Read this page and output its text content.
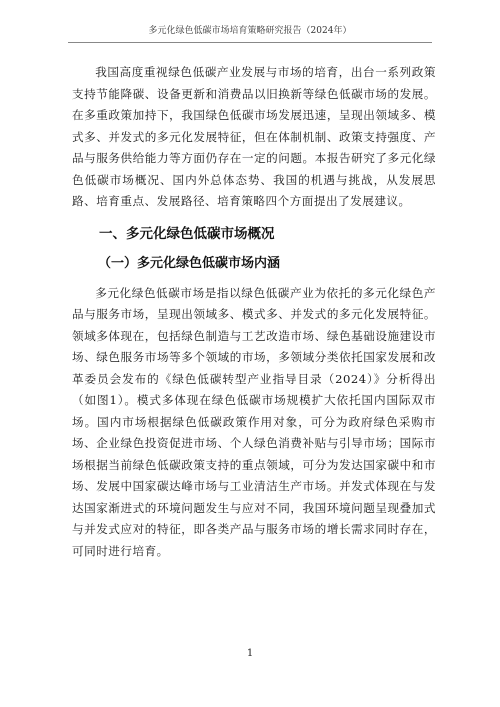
多元化绿色低碳市场培育策略研究报告（2024年）

我国高度重视绿色低碳产业发展与市场的培育，出台一系列政策支持节能降碳、设备更新和消费品以旧换新等绿色低碳市场的发展。在多重政策加持下，我国绿色低碳市场发展迅速，呈现出领域多、模式多、并发式的多元化发展特征，但在体制机制、政策支持强度、产品与服务供给能力等方面仍存在一定的问题。本报告研究了多元化绿色低碳市场概况、国内外总体态势、我国的机遇与挑战，从发展思路、培育重点、发展路径、培育策略四个方面提出了发展建议。

一、多元化绿色低碳市场概况
（一）多元化绿色低碳市场内涵

多元化绿色低碳市场是指以绿色低碳产业为依托的多元化绿色产品与服务市场，呈现出领域多、模式多、并发式的多元化发展特征。领域多体现在，包括绿色制造与工艺改造市场、绿色基础设施建设市场、绿色服务市场等多个领域的市场，多领域分类依托国家发展和改革委员会发布的《绿色低碳转型产业指导目录（2024）》分析得出（如图1）。模式多体现在绿色低碳市场规模扩大依托国内国际双市场。国内市场根据绿色低碳政策作用对象，可分为政府绿色采购市场、企业绿色投资促进市场、个人绿色消费补贴与引导市场；国际市场根据当前绿色低碳政策支持的重点领域，可分为发达国家碳中和市场、发展中国家碳达峰市场与工业清洁生产市场。并发式体现在与发达国家渐进式的环境问题发生与应对不同，我国环境问题呈现叠加式与并发式应对的特征，即各类产品与服务市场的增长需求同时存在，可同时进行培育。

1
